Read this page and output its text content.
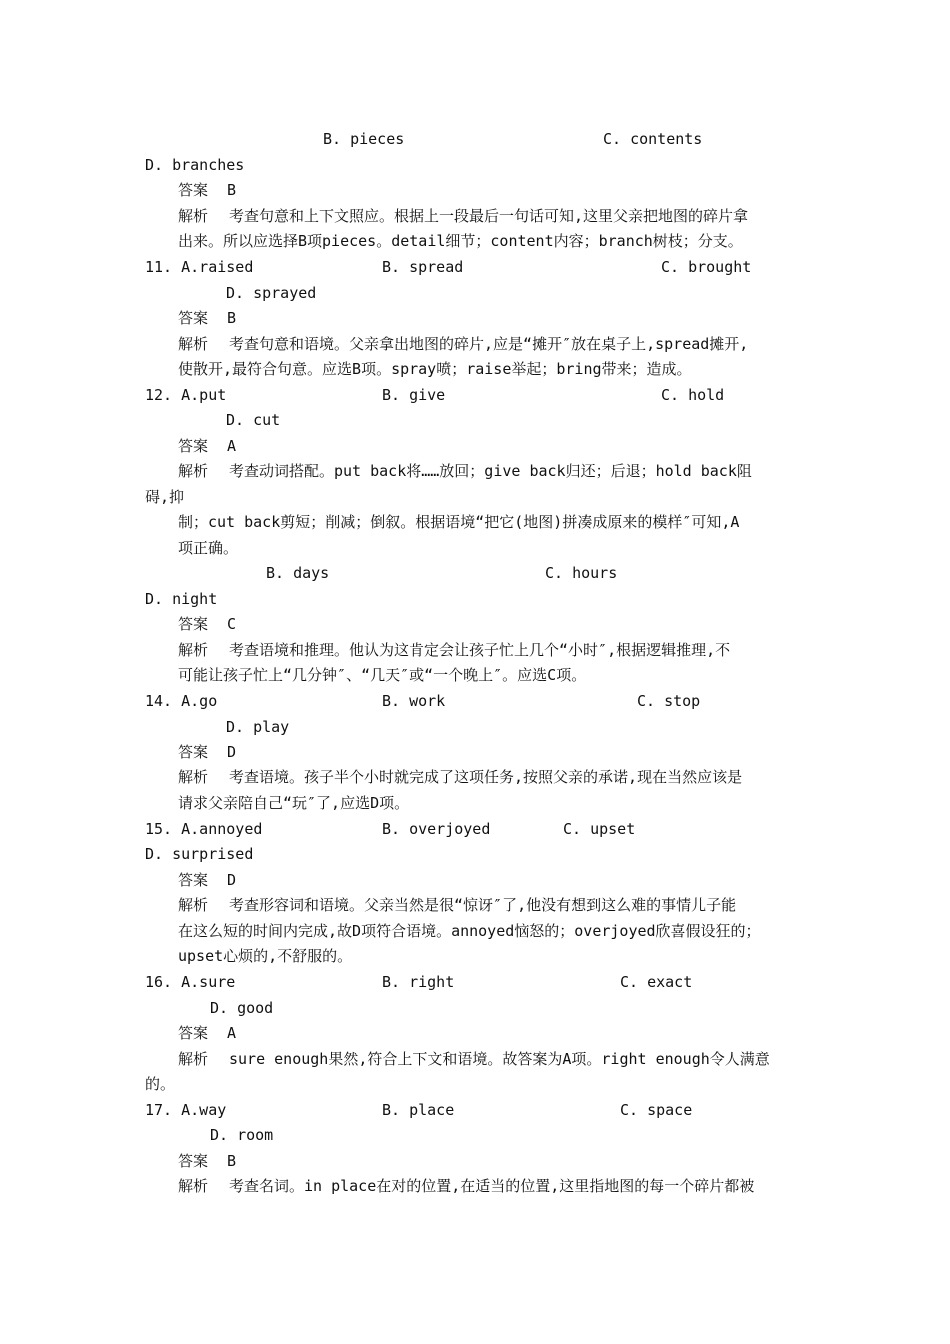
B. pieces	C. contents
D. branches
答案 B
解析 考查句意和上下文照应。根据上一段最后一句话可知,这里父亲把地图的碎片拿
出来。所以应选择B项pieces。detail细节；content内容；branch树枝；分支。
11. A.raised	B. spread	C. brought
D. sprayed
答案 B
解析 考查句意和语境。父亲拿出地图的碎片,应是“摊开″放在桌子上,spread摊开,
使散开,最符合句意。应选B项。spray喷；raise举起；bring带来；造成。
12. A.put	B. give	C. hold
D. cut
答案 A
解析 考查动词搭配。put back将……放回；give back归还；后退；hold back阻
碍,抑
制；cut back剪短；削减；倒叙。根据语境“把它(地图)拼凑成原来的模样″可知,A
项正确。
B. days	C. hours
D. night
答案 C
解析 考查语境和推理。他认为这肯定会让孩子忙上几个“小时″,根据逻辑推理,不
可能让孩子忙上“几分钟″、“几天″或“一个晚上″。应选C项。
14. A.go	B. work	C. stop
D. play
答案 D
解析 考查语境。孩子半个小时就完成了这项任务,按照父亲的承诺,现在当然应该是
请求父亲陪自己“玩″了,应选D项。
15. A.annoyed	B. overjoyed	C. upset
D. surprised
答案 D
解析 考查形容词和语境。父亲当然是很“惊讶″了,他没有想到这么难的事情儿子能
在这么短的时间内完成,故D项符合语境。annoyed恼怒的；overjoyed欣喜假设狂的；
upset心烦的,不舒服的。
16. A.sure	B. right	C. exact
D. good
答案 A
解析 sure enough果然,符合上下文和语境。故答案为A项。right enough令人满意
的。
17. A.way	B. place	C. space
D. room
答案 B
解析 考查名词。in place在对的位置,在适当的位置,这里指地图的每一个碎片都被
